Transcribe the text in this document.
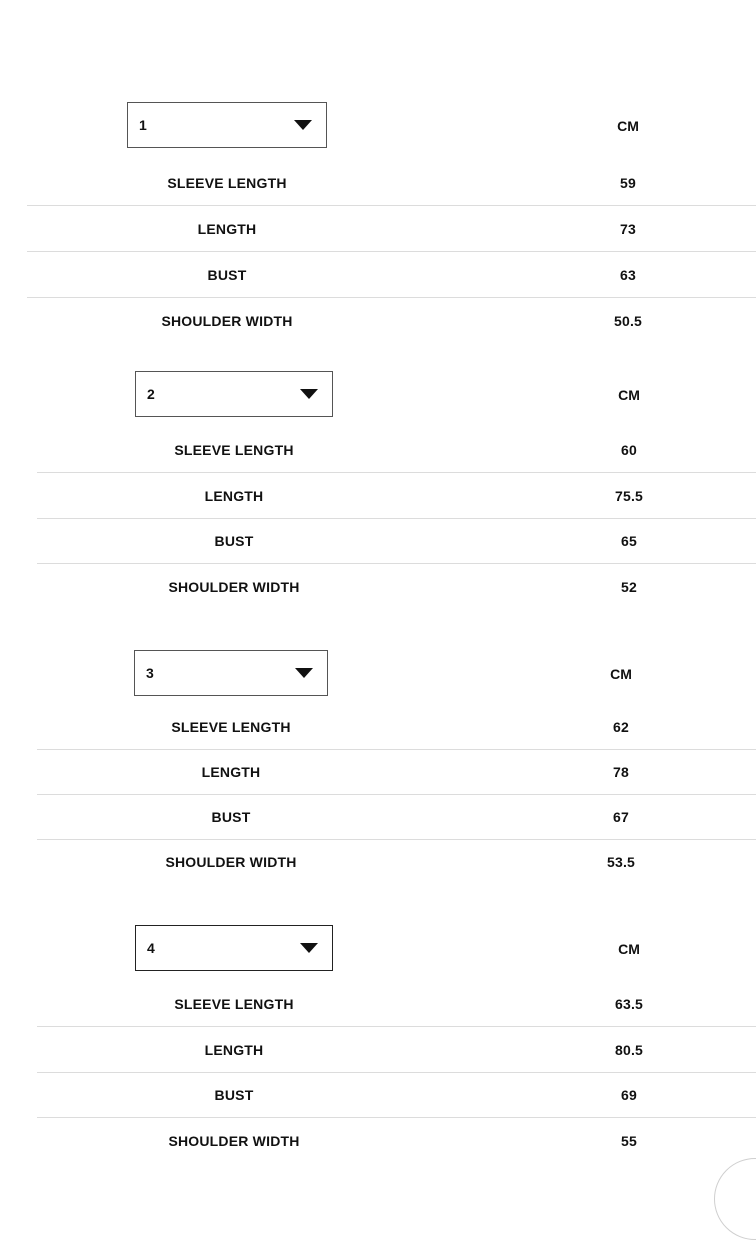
1	CM
SLEEVE LENGTH	59
LENGTH	73
BUST	63
SHOULDER WIDTH	50.5
2	CM
SLEEVE LENGTH	60
LENGTH	75.5
BUST	65
SHOULDER WIDTH	52
3	CM
SLEEVE LENGTH	62
LENGTH	78
BUST	67
SHOULDER WIDTH	53.5
4	CM
SLEEVE LENGTH	63.5
LENGTH	80.5
BUST	69
SHOULDER WIDTH	55
